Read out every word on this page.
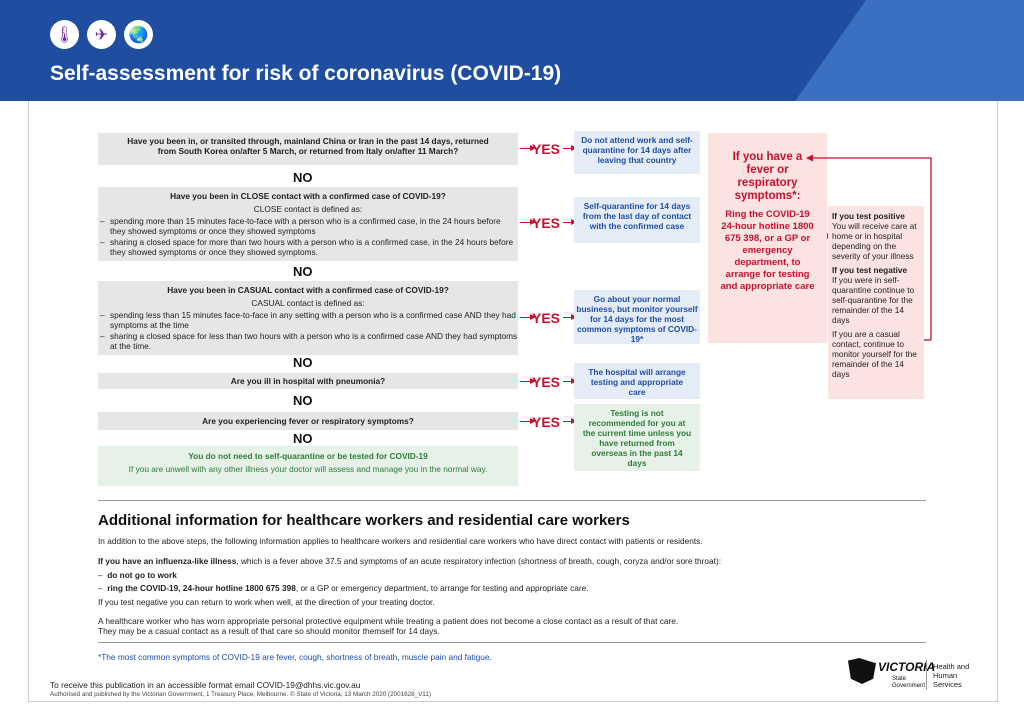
🌡	✈	🌏
Self-assessment for risk of coronavirus (COVID-19)
Have you been in, or transited through, mainland China or Iran in the past 14 days, returned from South Korea on/after 5 March, or returned from Italy on/after 11 March?	YES
Do not attend work and self-quarantine for 14 days after leaving that country
NO
Have you been in CLOSE contact with a confirmed case of COVID-19?
CLOSE contact is defined as:
– spending more than 15 minutes face-to-face with a person who is a confirmed case, in the 24 hours before they showed symptoms or once they showed symptoms
– sharing a closed space for more than two hours with a person who is a confirmed case, in the 24 hours before they showed symptoms or once they showed symptoms.
YES
Self-quarantine for 14 days from the last day of contact with the confirmed case
NO
Have you been in CASUAL contact with a confirmed case of COVID-19?
CASUAL contact is defined as:
– spending less than 15 minutes face-to-face in any setting with a person who is a confirmed case AND they had symptoms at the time
– sharing a closed space for less than two hours with a person who is a confirmed case AND they had symptoms at the time.
YES
Go about your normal business, but monitor yourself for 14 days for the most common symptoms of COVID-19*
NO
Are you ill in hospital with pneumonia?	YES
The hospital will arrange testing and appropriate care
NO
Are you experiencing fever or respiratory symptoms?	YES
Testing is not recommended for you at the current time unless you have returned from overseas in the past 14 days
NO
You do not need to self-quarantine or be tested for COVID-19
If you are unwell with any other illness your doctor will assess and manage you in the normal way.
If you have a fever or respiratory symptoms*:
Ring the COVID-19 24-hour hotline 1800 675 398, or a GP or emergency department, to arrange for testing and appropriate care
If you test positive

You will receive care at home or in hospital depending on the severity of your illness

If you test negative

If you were in self-quarantine continue to self-quarantine for the remainder of the 14 days

If you are a casual contact, continue to monitor yourself for the remainder of the 14 days

Additional information for healthcare workers and residential care workers
In addition to the above steps, the following information applies to healthcare workers and residential care workers who have direct contact with patients or residents.
If you have an influenza-like illness, which is a fever above 37.5 and symptoms of an acute respiratory infection (shortness of breath, cough, coryza and/or sore throat):
–  do not go to work
–  ring the COVID-19, 24-hour hotline 1800 675 398, or a GP or emergency department, to arrange for testing and appropriate care.
If you test negative you can return to work when well, at the direction of your treating doctor.
A healthcare worker who has worn appropriate personal protective equipment while treating a patient does not become a close contact as a result of that care.
They may be a casual contact as a result of that care so should monitor themself for 14 days.
*The most common symptoms of COVID-19 are fever, cough, shortness of breath, muscle pain and fatigue.
To receive this publication in an accessible format email COVID-19@dhhs.vic.gov.au
Authorised and published by the Victorian Government, 1 Treasury Place, Melbourne. © State of Victoria, 13 March 2020 (2001628_V11)
VICTORIA
State Government
Health and Human Services
